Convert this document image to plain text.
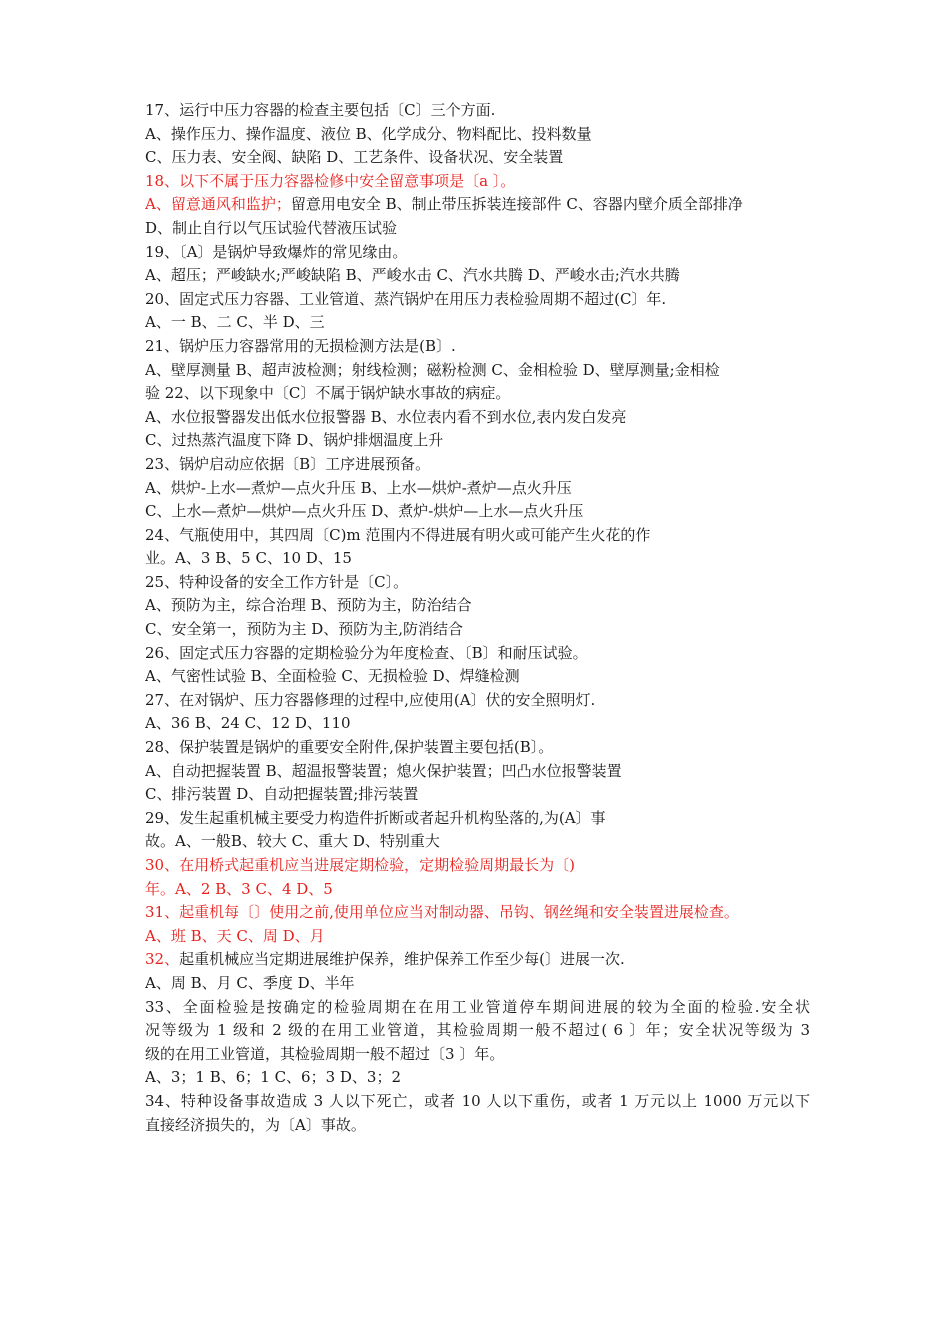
17、运行中压力容器的检查主要包括〔C〕三个方面.
A、操作压力、操作温度、液位 B、化学成分、物料配比、投料数量
C、压力表、安全阀、缺陷 D、工艺条件、设备状况、安全装置
18、以下不属于压力容器检修中安全留意事项是〔a 〕。
A、留意通风和监护；留意用电安全 B、制止带压拆装连接部件 C、容器内壁介质全部排净
D、制止自行以气压试验代替液压试验
19、〔A〕是锅炉导致爆炸的常见缘由。
A、超压；严峻缺水;严峻缺陷 B、严峻水击 C、汽水共腾 D、严峻水击;汽水共腾
20、固定式压力容器、工业管道、蒸汽锅炉在用压力表检验周期不超过(C〕年.
A、一 B、二 C、半 D、三
21、锅炉压力容器常用的无损检测方法是(B〕.
A、壁厚测量 B、超声波检测；射线检测；磁粉检测 C、金相检验 D、壁厚测量;金相检
验 22、以下现象中〔C〕不属于锅炉缺水事故的病症。
A、水位报警器发出低水位报警器 B、水位表内看不到水位,表内发白发亮
C、过热蒸汽温度下降 D、锅炉排烟温度上升
23、锅炉启动应依据〔B〕工序进展预备。
A、烘炉-上水—煮炉—点火升压 B、上水—烘炉-煮炉—点火升压
C、上水—煮炉—烘炉—点火升压 D、煮炉-烘炉—上水—点火升压
24、气瓶使用中，其四周〔C)m 范围内不得进展有明火或可能产生火花的作
业。A、3 B、5 C、10 D、15
25、特种设备的安全工作方针是〔C〕。
A、预防为主，综合治理 B、预防为主，防治结合
C、安全第一，预防为主 D、预防为主,防消结合
26、固定式压力容器的定期检验分为年度检查、〔B〕和耐压试验。
A、气密性试验 B、全面检验 C、无损检验 D、焊缝检测
27、在对锅炉、压力容器修理的过程中,应使用(A〕伏的安全照明灯.
A、36 B、24 C、12 D、110
28、保护装置是锅炉的重要安全附件,保护装置主要包括(B〕。
A、自动把握装置 B、超温报警装置；熄火保护装置；凹凸水位报警装置
C、排污装置 D、自动把握装置;排污装置
29、发生起重机械主要受力构造件折断或者起升机构坠落的,为(A〕事
故。A、一般B、较大 C、重大 D、特别重大
30、在用桥式起重机应当进展定期检验，定期检验周期最长为〔)
年。A、2 B、3 C、4 D、5
31、起重机每〔〕使用之前,使用单位应当对制动器、吊钩、钢丝绳和安全装置进展检查。
A、班 B、天 C、周 D、月
32、起重机械应当定期进展维护保养，维护保养工作至少每(〕进展一次.
A、周 B、月 C、季度 D、半年
33、全面检验是按确定的检验周期在在用工业管道停车期间进展的较为全面的检验.安全状
况等级为 1 级和 2 级的在用工业管道，其检验周期一般不超过( 6 〕年；安全状况等级为 3
级的在用工业管道，其检验周期一般不超过〔3 〕年。
A、3；1 B、6；1 C、6；3 D、3；2
34、特种设备事故造成 3 人以下死亡，或者 10 人以下重伤，或者 1 万元以上 1000 万元以下
直接经济损失的，为〔A〕事故。
